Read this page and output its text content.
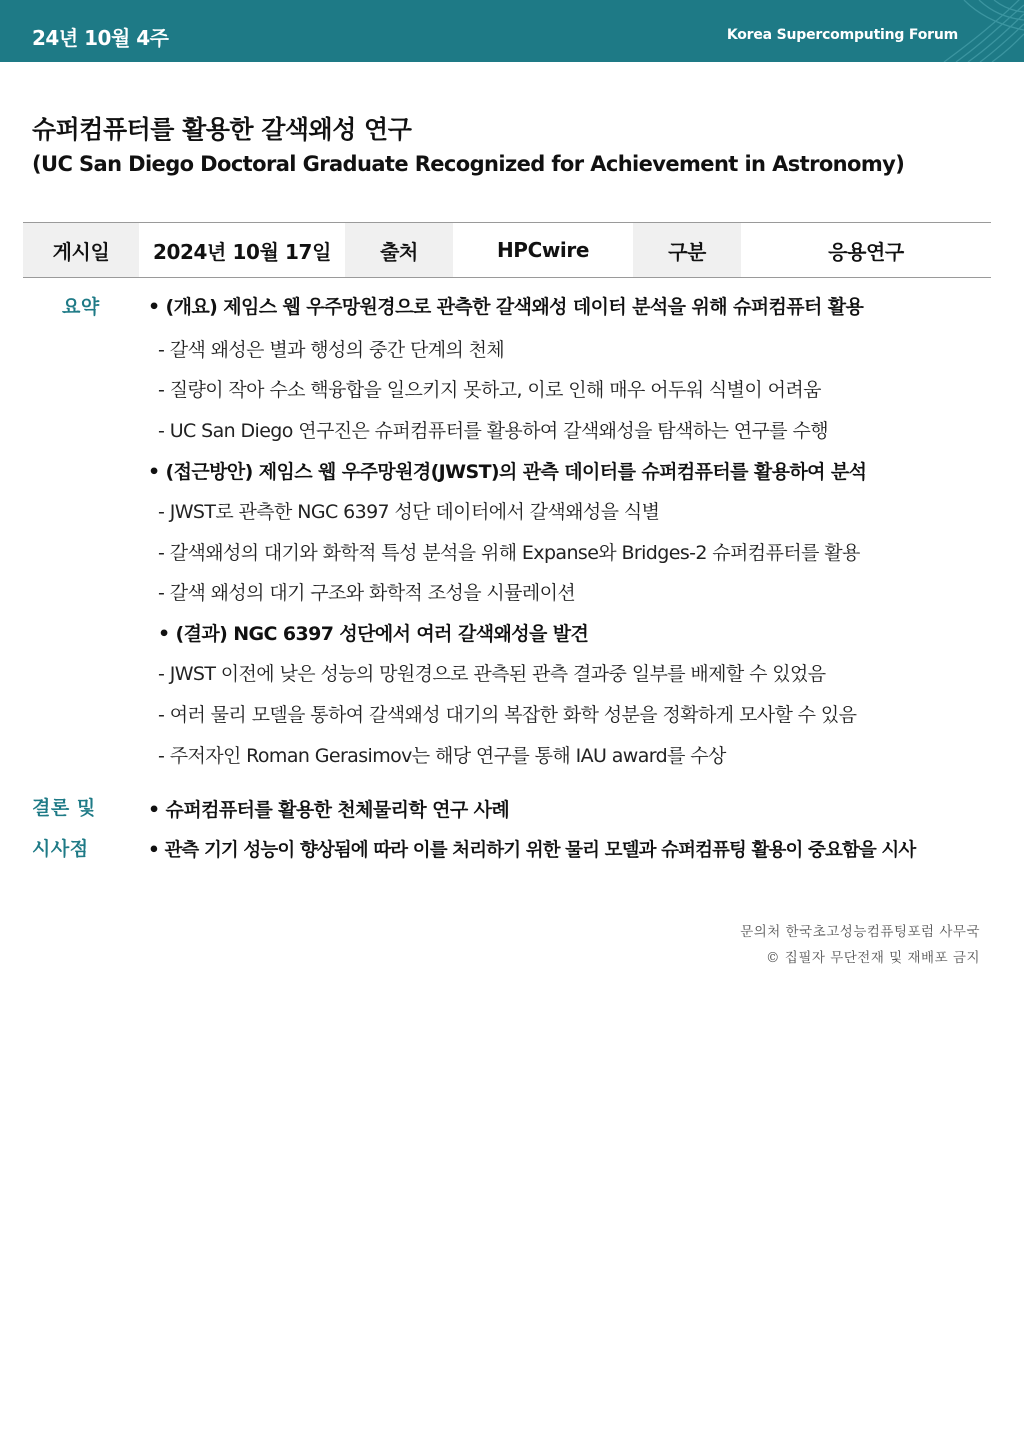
24년 10월 4주	Korea Supercomputing Forum
슈퍼컴퓨터를 활용한 갈색왜성 연구
(UC San Diego Doctoral Graduate Recognized for Achievement in Astronomy)
게시일	2024년 10월 17일	출처	HPCwire	구분	응용연구
요약	• (개요) 제임스 웹 우주망원경으로 관측한 갈색왜성 데이터 분석을 위해 슈퍼컴퓨터 활용
- 갈색 왜성은 별과 행성의 중간 단계의 천체
- 질량이 작아 수소 핵융합을 일으키지 못하고, 이로 인해 매우 어두워 식별이 어려움
- UC San Diego 연구진은 슈퍼컴퓨터를 활용하여 갈색왜성을 탐색하는 연구를 수행
• (접근방안) 제임스 웹 우주망원경(JWST)의 관측 데이터를 슈퍼컴퓨터를 활용하여 분석
- JWST로 관측한 NGC 6397 성단 데이터에서 갈색왜성을 식별
- 갈색왜성의 대기와 화학적 특성 분석을 위해 Expanse와 Bridges-2 슈퍼컴퓨터를 활용
- 갈색 왜성의 대기 구조와 화학적 조성을 시뮬레이션
• (결과) NGC 6397 성단에서 여러 갈색왜성을 발견
- JWST 이전에 낮은 성능의 망원경으로 관측된 관측 결과중 일부를 배제할 수 있었음
- 여러 물리 모델을 통하여 갈색왜성 대기의 복잡한 화학 성분을 정확하게 모사할 수 있음
- 주저자인 Roman Gerasimov는 해당 연구를 통해 IAU award를 수상
결론 및
시사점
• 슈퍼컴퓨터를 활용한 천체물리학 연구 사례
• 관측 기기 성능이 향상됨에 따라 이를 처리하기 위한 물리 모델과 슈퍼컴퓨팅 활용이 중요함을 시사
문의처 한국초고성능컴퓨팅포럼 사무국
© 집필자 무단전재 및 재배포 금지
